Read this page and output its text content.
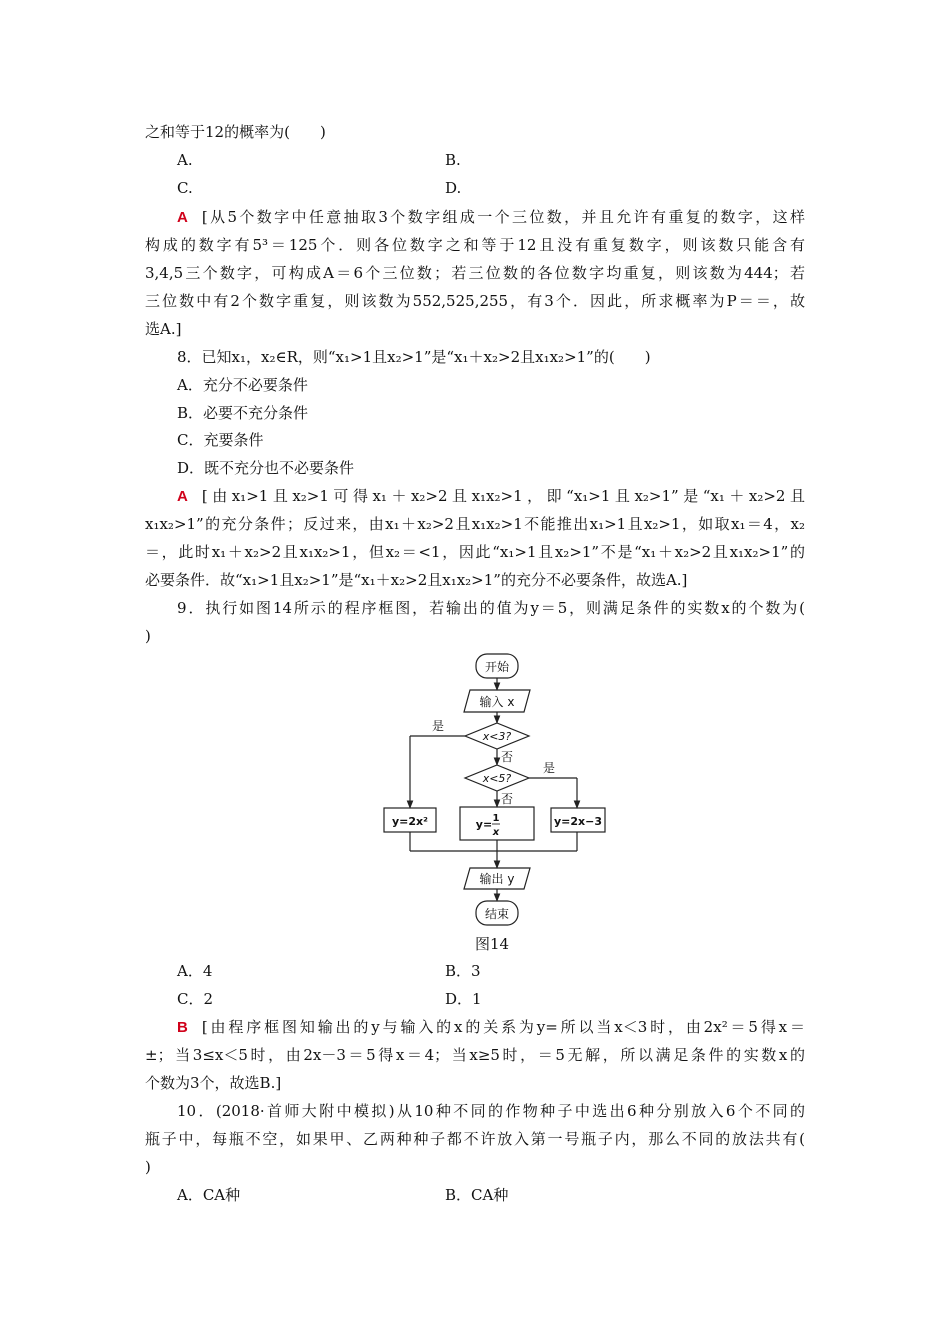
之和等于12的概率为(　　)
A.	B.
C.	D.
A [从5个数字中任意抽取3个数字组成一个三位数，并且允许有重复的数字，这样
构成的数字有5³＝125个．则各位数字之和等于12且没有重复数字，则该数只能含有
3,4,5三个数字，可构成A＝6个三位数；若三位数的各位数字均重复，则该数为444；若
三位数中有2个数字重复，则该数为552,525,255，有3个．因此，所求概率为P＝＝，故
选A.]
8．已知x₁，x₂∈R，则“x₁>1且x₂>1”是“x₁＋x₂>2且x₁x₂>1”的(　　)
A．充分不必要条件
B．必要不充分条件
C．充要条件
D．既不充分也不必要条件
A [由x₁>1且x₂>1可得x₁＋x₂>2且x₁x₂>1，即“x₁>1且x₂>1”是“x₁＋x₂>2且
x₁x₂>1”的充分条件；反过来，由x₁＋x₂>2且x₁x₂>1不能推出x₁>1且x₂>1，如取x₁＝4，x₂
＝，此时x₁＋x₂>2且x₁x₂>1，但x₂＝<1，因此“x₁>1且x₂>1”不是“x₁＋x₂>2且x₁x₂>1”的
必要条件．故“x₁>1且x₂>1”是“x₁＋x₂>2且x₁x₂>1”的充分不必要条件，故选A.]
9．执行如图14所示的程序框图，若输出的值为y＝5，则满足条件的实数x的个数为(
)
开始
输入 x
x<3?
x<5?
是
否
是
否
y=2x²	y= 1
x
y=2x−3
输出 y
结束
图14
A．4	B．3
C．2	D．1
B [由程序框图知输出的y与输入的x的关系为y=所以当x＜3时，由2x²＝5得x＝
±；当3≤x＜5时，由2x－3＝5得x＝4；当x≥5时，＝5无解，所以满足条件的实数x的
个数为3个，故选B.]
10．(2018·首师大附中模拟)从10种不同的作物种子中选出6种分别放入6个不同的
瓶子中，每瓶不空，如果甲、乙两种种子都不许放入第一号瓶子内，那么不同的放法共有(
)
A．CA种	B．CA种
